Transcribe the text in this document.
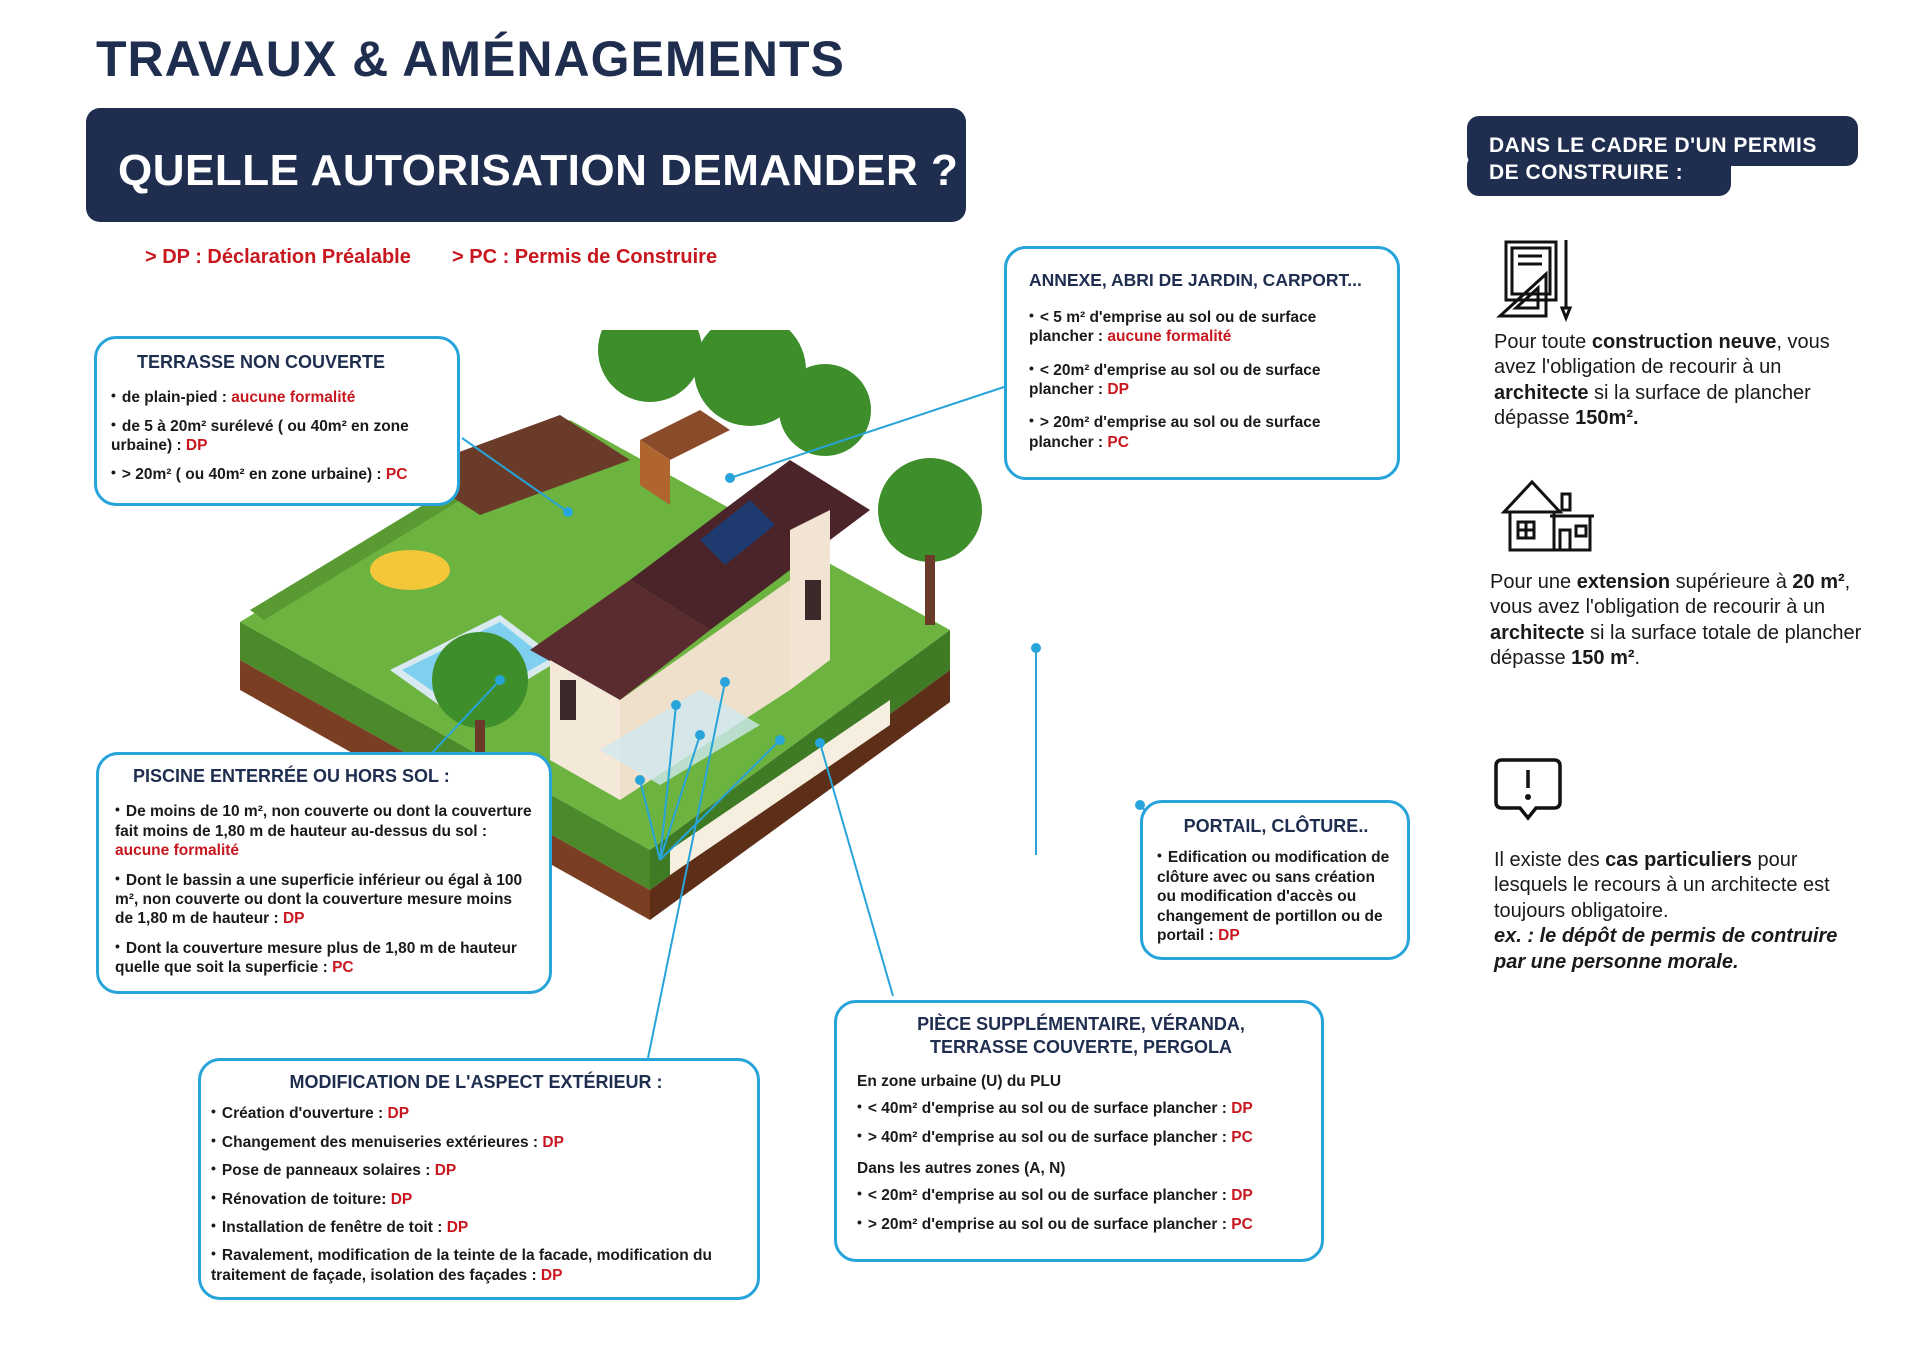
TRAVAUX & AMÉNAGEMENTS
QUELLE AUTORISATION DEMANDER ?
> DP : Déclaration Préalable > PC : Permis de Construire
TERRASSE NON COUVERTE
• de plain-pied : aucune formalité
• de 5 à 20m² surélevé ( ou 40m² en zone urbaine) : DP
• > 20m² ( ou 40m² en zone urbaine) : PC
ANNEXE, ABRI DE JARDIN, CARPORT...
• < 5 m² d'emprise au sol ou de surface plancher : aucune formalité
• < 20m² d'emprise au sol ou de surface plancher : DP
• > 20m² d'emprise au sol ou de surface plancher : PC
PISCINE ENTERRÉE OU HORS SOL :
• De moins de 10 m², non couverte ou dont la couverture fait moins de 1,80 m de hauteur au-dessus du sol : aucune formalité
• Dont le bassin a une superficie inférieur ou égal à 100 m², non couverte ou dont la couverture mesure moins de 1,80 m de hauteur : DP
• Dont la couverture mesure plus de 1,80 m de hauteur quelle que soit la superficie : PC
PORTAIL, CLÔTURE..
• Edification ou modification de clôture avec ou sans création ou modification d'accès ou changement de portillon ou de portail : DP
PIÈCE SUPPLÉMENTAIRE, VÉRANDA,
TERRASSE COUVERTE, PERGOLA
En zone urbaine (U) du PLU
• < 40m² d'emprise au sol ou de surface plancher : DP
• > 40m² d'emprise au sol ou de surface plancher : PC
Dans les autres zones (A, N)
• < 20m² d'emprise au sol ou de surface plancher : DP
• > 20m² d'emprise au sol ou de surface plancher : PC
MODIFICATION DE L'ASPECT EXTÉRIEUR :
• Création d'ouverture : DP
• Changement des menuiseries extérieures : DP
• Pose de panneaux solaires : DP
• Rénovation de toiture: DP
• Installation de fenêtre de toit : DP
• Ravalement, modification de la teinte de la facade, modification du traitement de façade, isolation des façades : DP
DANS LE CADRE D'UN PERMIS
DE CONSTRUIRE :
Pour toute construction neuve, vous avez l'obligation de recourir à un architecte si la surface de plancher dépasse 150m².
Pour une extension supérieure à 20 m², vous avez l'obligation de recourir à un architecte si la surface totale de plancher dépasse 150 m².
Il existe des cas particuliers pour lesquels le recours à un architecte est toujours obligatoire.
ex. : le dépôt de permis de contruire par une personne morale.
